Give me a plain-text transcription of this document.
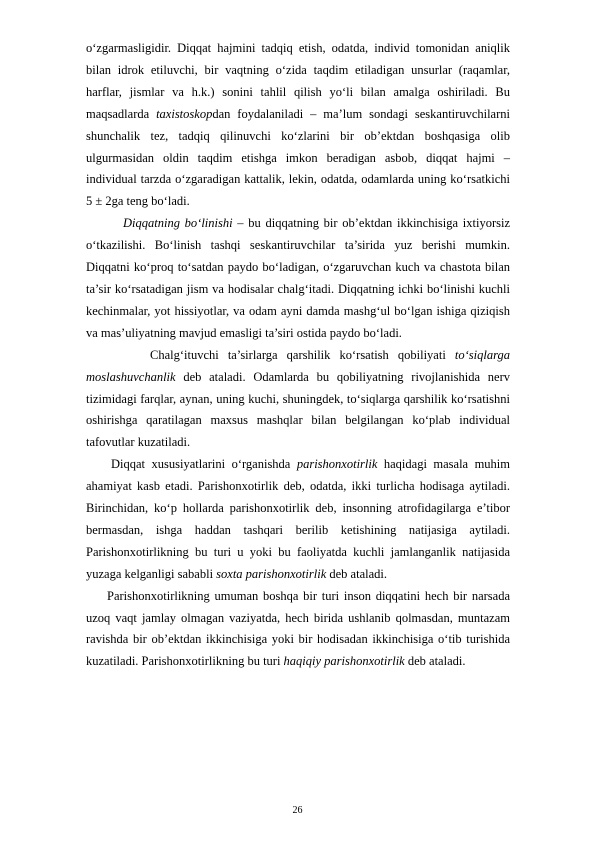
o‘zgarmasligidir. Diqqat hajmini tadqiq etish, odatda, individ tomonidan aniqlik bilan idrok etiluvchi, bir vaqtning o‘zida taqdim etiladigan unsurlar (raqamlar, harflar, jismlar va h.k.) sonini tahlil qilish yo‘li bilan amalga oshiriladi. Bu maqsadlarda taxistoskopdan foydalaniladi – ma’lum sondagi seskantiruvchilarni shunchalik tez, tadqiq qilinuvchi ko‘zlarini bir ob’ektdan boshqasiga olib ulgurmasidan oldin taqdim etishga imkon beradigan asbob, diqqat hajmi – individual tarzda o‘zgaradigan kattalik, lekin, odatda, odamlarda uning ko‘rsatkichi 5 ± 2ga teng bo‘ladi.

Diqqatning bo‘linishi – bu diqqatning bir ob’ektdan ikkinchisiga ixtiyorsiz o‘tkazilishi. Bo‘linish tashqi seskantiruvchilar ta’sirida yuz berishi mumkin. Diqqatni ko‘proq to‘satdan paydo bo‘ladigan, o‘zgaruvchan kuch va chastota bilan ta’sir ko‘rsatadigan jism va hodisalar chalg‘itadi. Diqqatning ichki bo‘linishi kuchli kechinmalar, yot hissiyotlar, va odam ayni damda mashg‘ul bo‘lgan ishiga qiziqish va mas’uliyatning mavjud emasligi ta’siri ostida paydo bo‘ladi.

Chalg‘ituvchi ta’sirlarga qarshilik ko‘rsatish qobiliyati to‘siqlarga moslashuvchanlik deb ataladi. Odamlarda bu qobiliyatning rivojlanishida nerv tizimidagi farqlar, aynan, uning kuchi, shuningdek, to‘siqlarga qarshilik ko‘rsatishni oshirishga qaratilagan maxsus mashqlar bilan belgilangan ko‘plab individual tafovutlar kuzatiladi.

Diqqat xususiyatlarini o‘rganishda parishonxotirlik haqidagi masala muhim ahamiyat kasb etadi. Parishonxotirlik deb, odatda, ikki turlicha hodisaga aytiladi. Birinchidan, ko‘p hollarda parishonxotirlik deb, insonning atrofidagilarga e’tibor bermasdan, ishga haddan tashqari berilib ketishining natijasiga aytiladi. Parishonxotirlikning bu turi u yoki bu faoliyatda kuchli jamlanganlik natijasida yuzaga kelganligi sababli soxta parishonxotirlik deb ataladi.

Parishonxotirlikning umuman boshqa bir turi inson diqqatini hech bir narsada uzoq vaqt jamlay olmagan vaziyatda, hech birida ushlanib qolmasdan, muntazam ravishda bir ob’ektdan ikkinchisiga yoki bir hodisadan ikkinchisiga o‘tib turishida kuzatiladi. Parishonxotirlikning bu turi haqiqiy parishonxotirlik deb ataladi.

26
